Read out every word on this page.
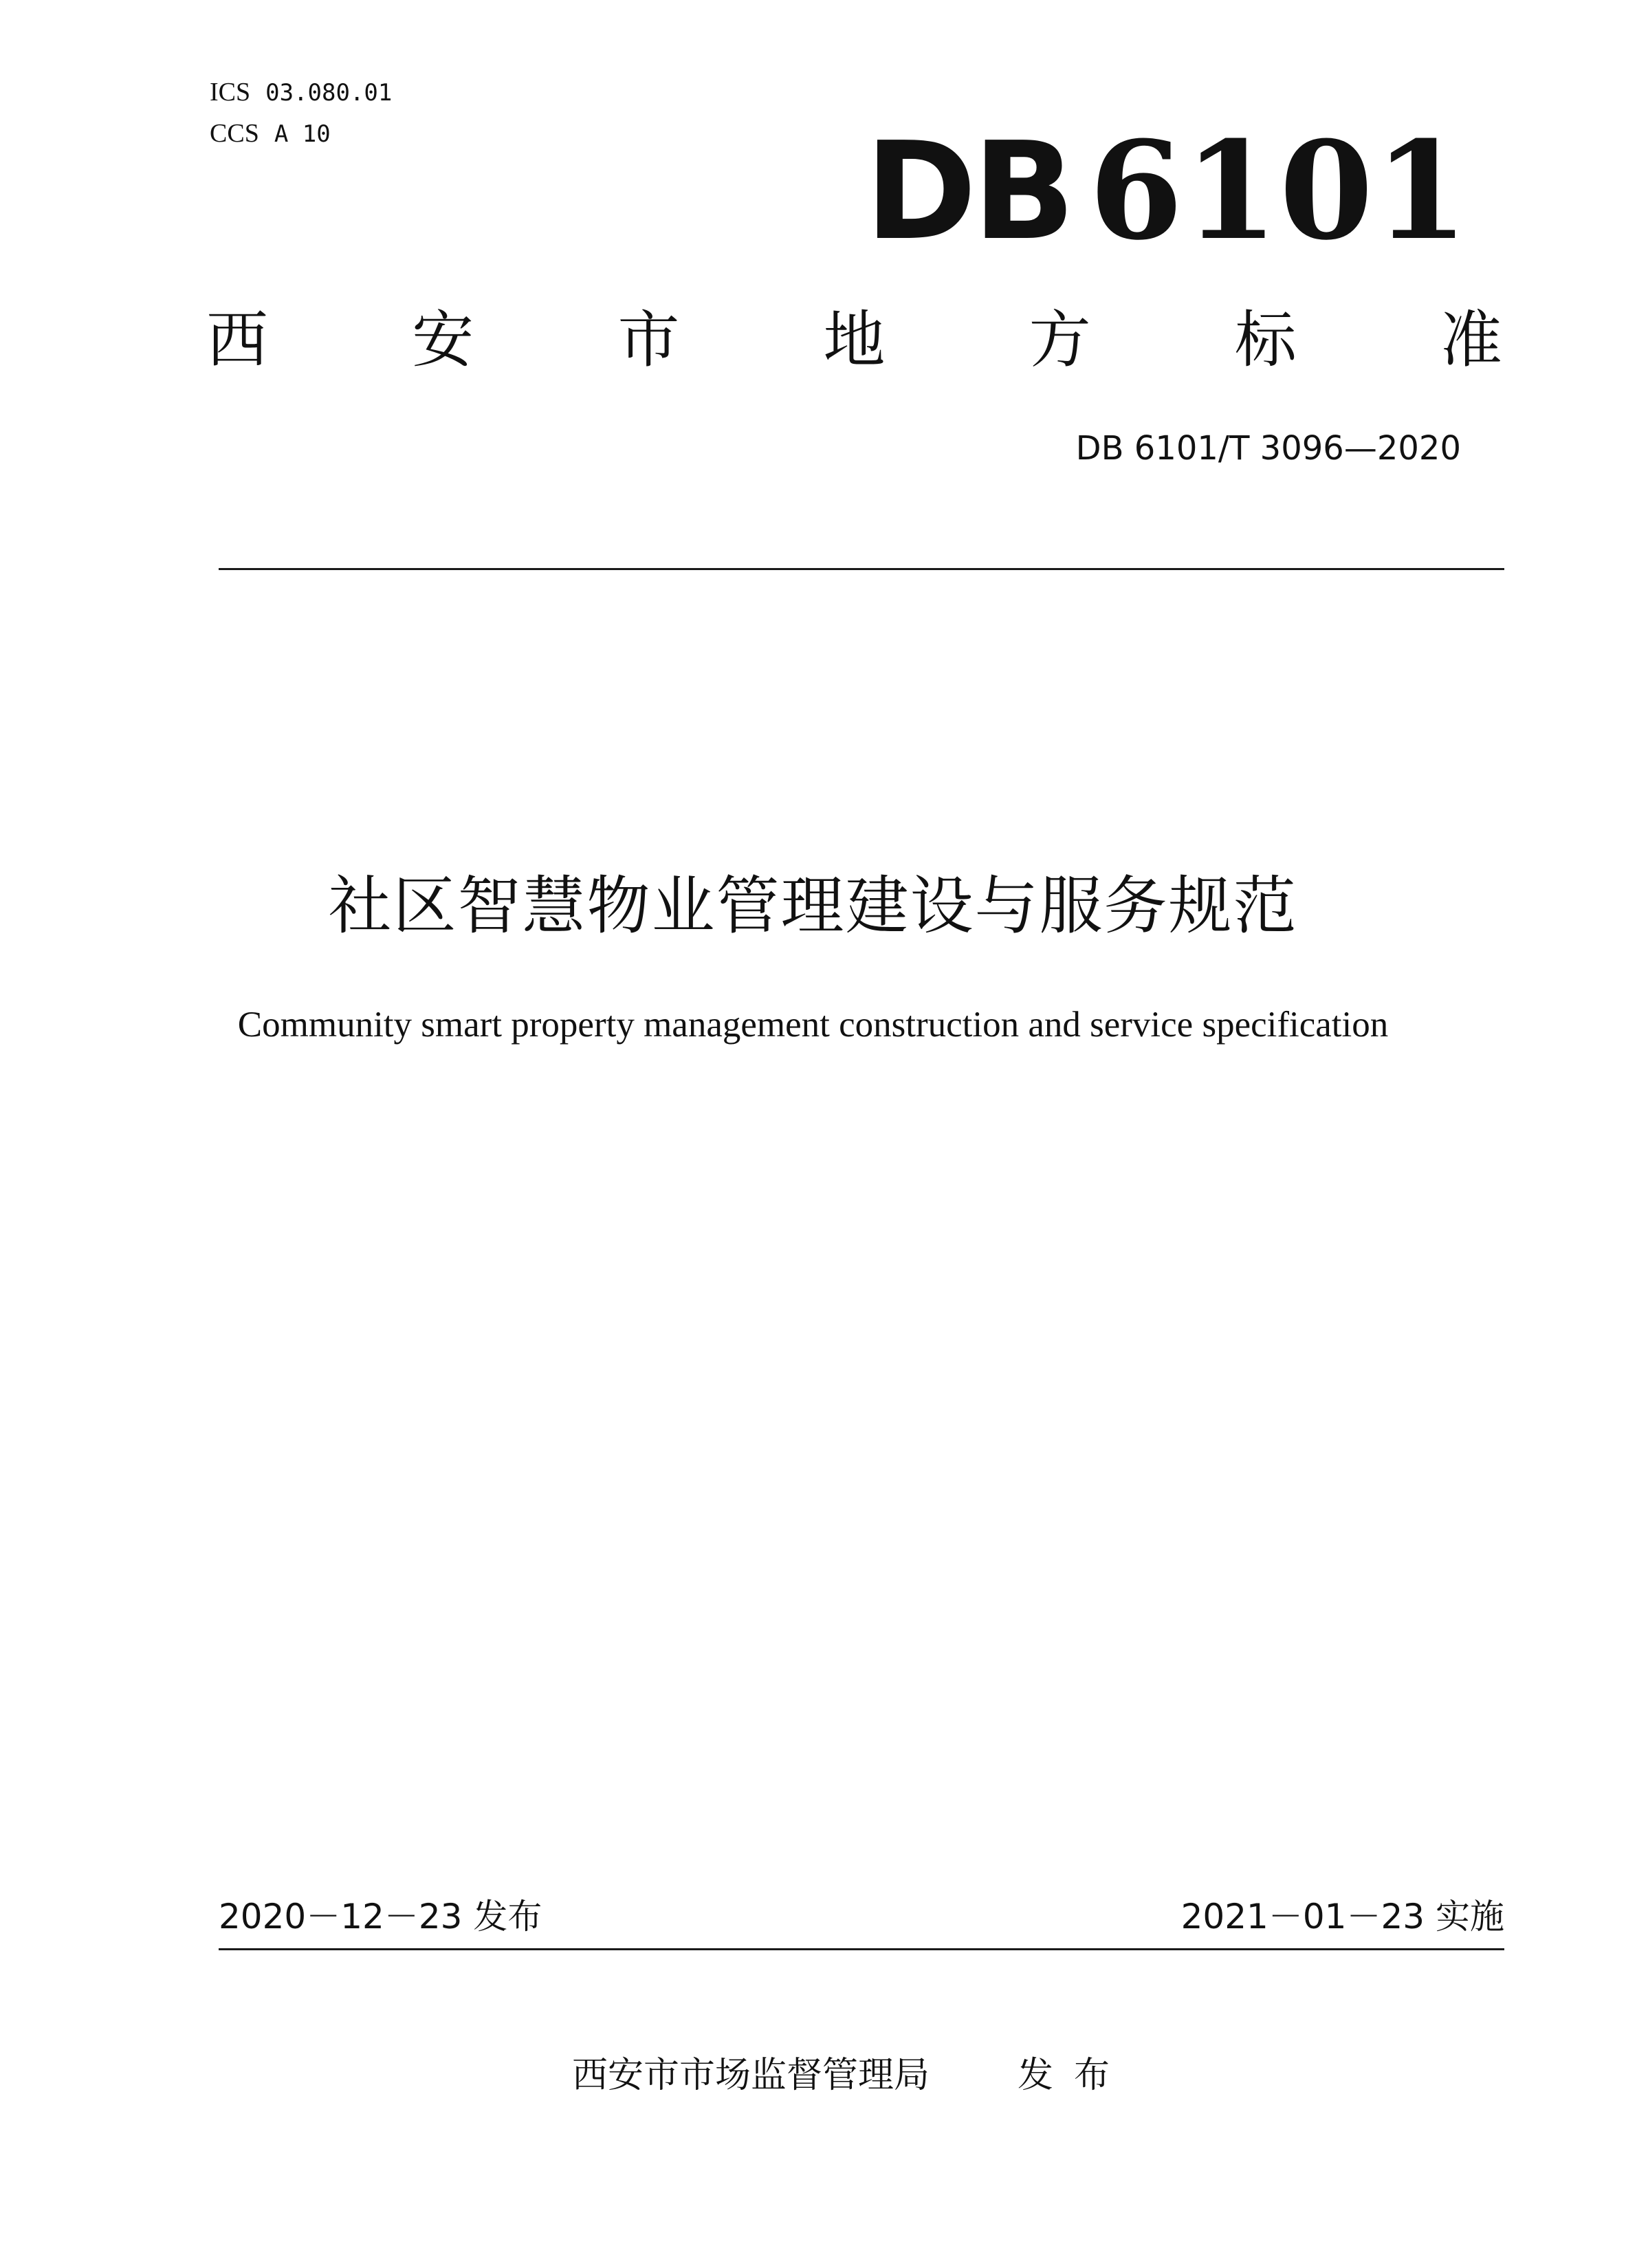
ICS 03.080.01
CCS A 10	DB 6101
西 安 市 地 方 标 准
DB 6101/T 3096—2020
社区智慧物业管理建设与服务规范
Community smart property management construction and service specification
2020－12－23 发布	2021－01－23 实施
西安市市场监督管理局 发布
